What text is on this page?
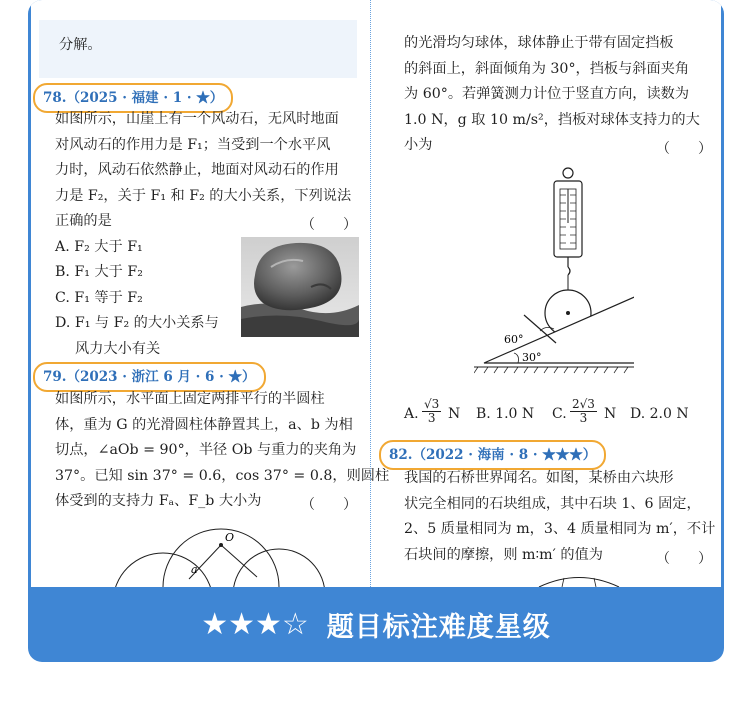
分解。
78.（2025 · 福建 · 1 · ★）
如图所示，山崖上有一个风动石，无风时地面
对风动石的作用力是 F₁；当受到一个水平风
力时，风动石依然静止，地面对风动石的作用
力是 F₂，关于 F₁ 和 F₂ 的大小关系，下列说法
正确的是	（　　）
A. F₂ 大于 F₁
B. F₁ 大于 F₂
C. F₁ 等于 F₂
D. F₁ 与 F₂ 的大小关系与
风力大小有关
79.（2023 · 浙江 6 月 · 6 · ★）
如图所示，水平面上固定两排平行的半圆柱
体，重为 G 的光滑圆柱体静置其上，a、b 为相
切点，∠aOb = 90°，半径 Ob 与重力的夹角为
37°。已知 sin 37° = 0.6，cos 37° = 0.8，则圆柱
体受到的支持力 Fₐ、F_b 大小为	（　　）
O
a
的光滑均匀球体，球体静止于带有固定挡板
的斜面上，斜面倾角为 30°，挡板与斜面夹角
为 60°。若弹簧测力计位于竖直方向，读数为
1.0 N，g 取 10 m/s²，挡板对球体支持力的大
小为	（　　）
60°
30°
A. $\frac{√3}{3}$ N B. 1.0 N C. $\frac{2√3}{3}$ N D. 2.0 N
82.（2022 · 海南 · 8 · ★★★）
我国的石桥世界闻名。如图，某桥由六块形
状完全相同的石块组成，其中石块 1、6 固定，
2、5 质量相同为 m，3、4 质量相同为 m′，不计
石块间的摩擦，则 m∶m′ 的值为	（　　）
★★★☆ 题目标注难度星级
